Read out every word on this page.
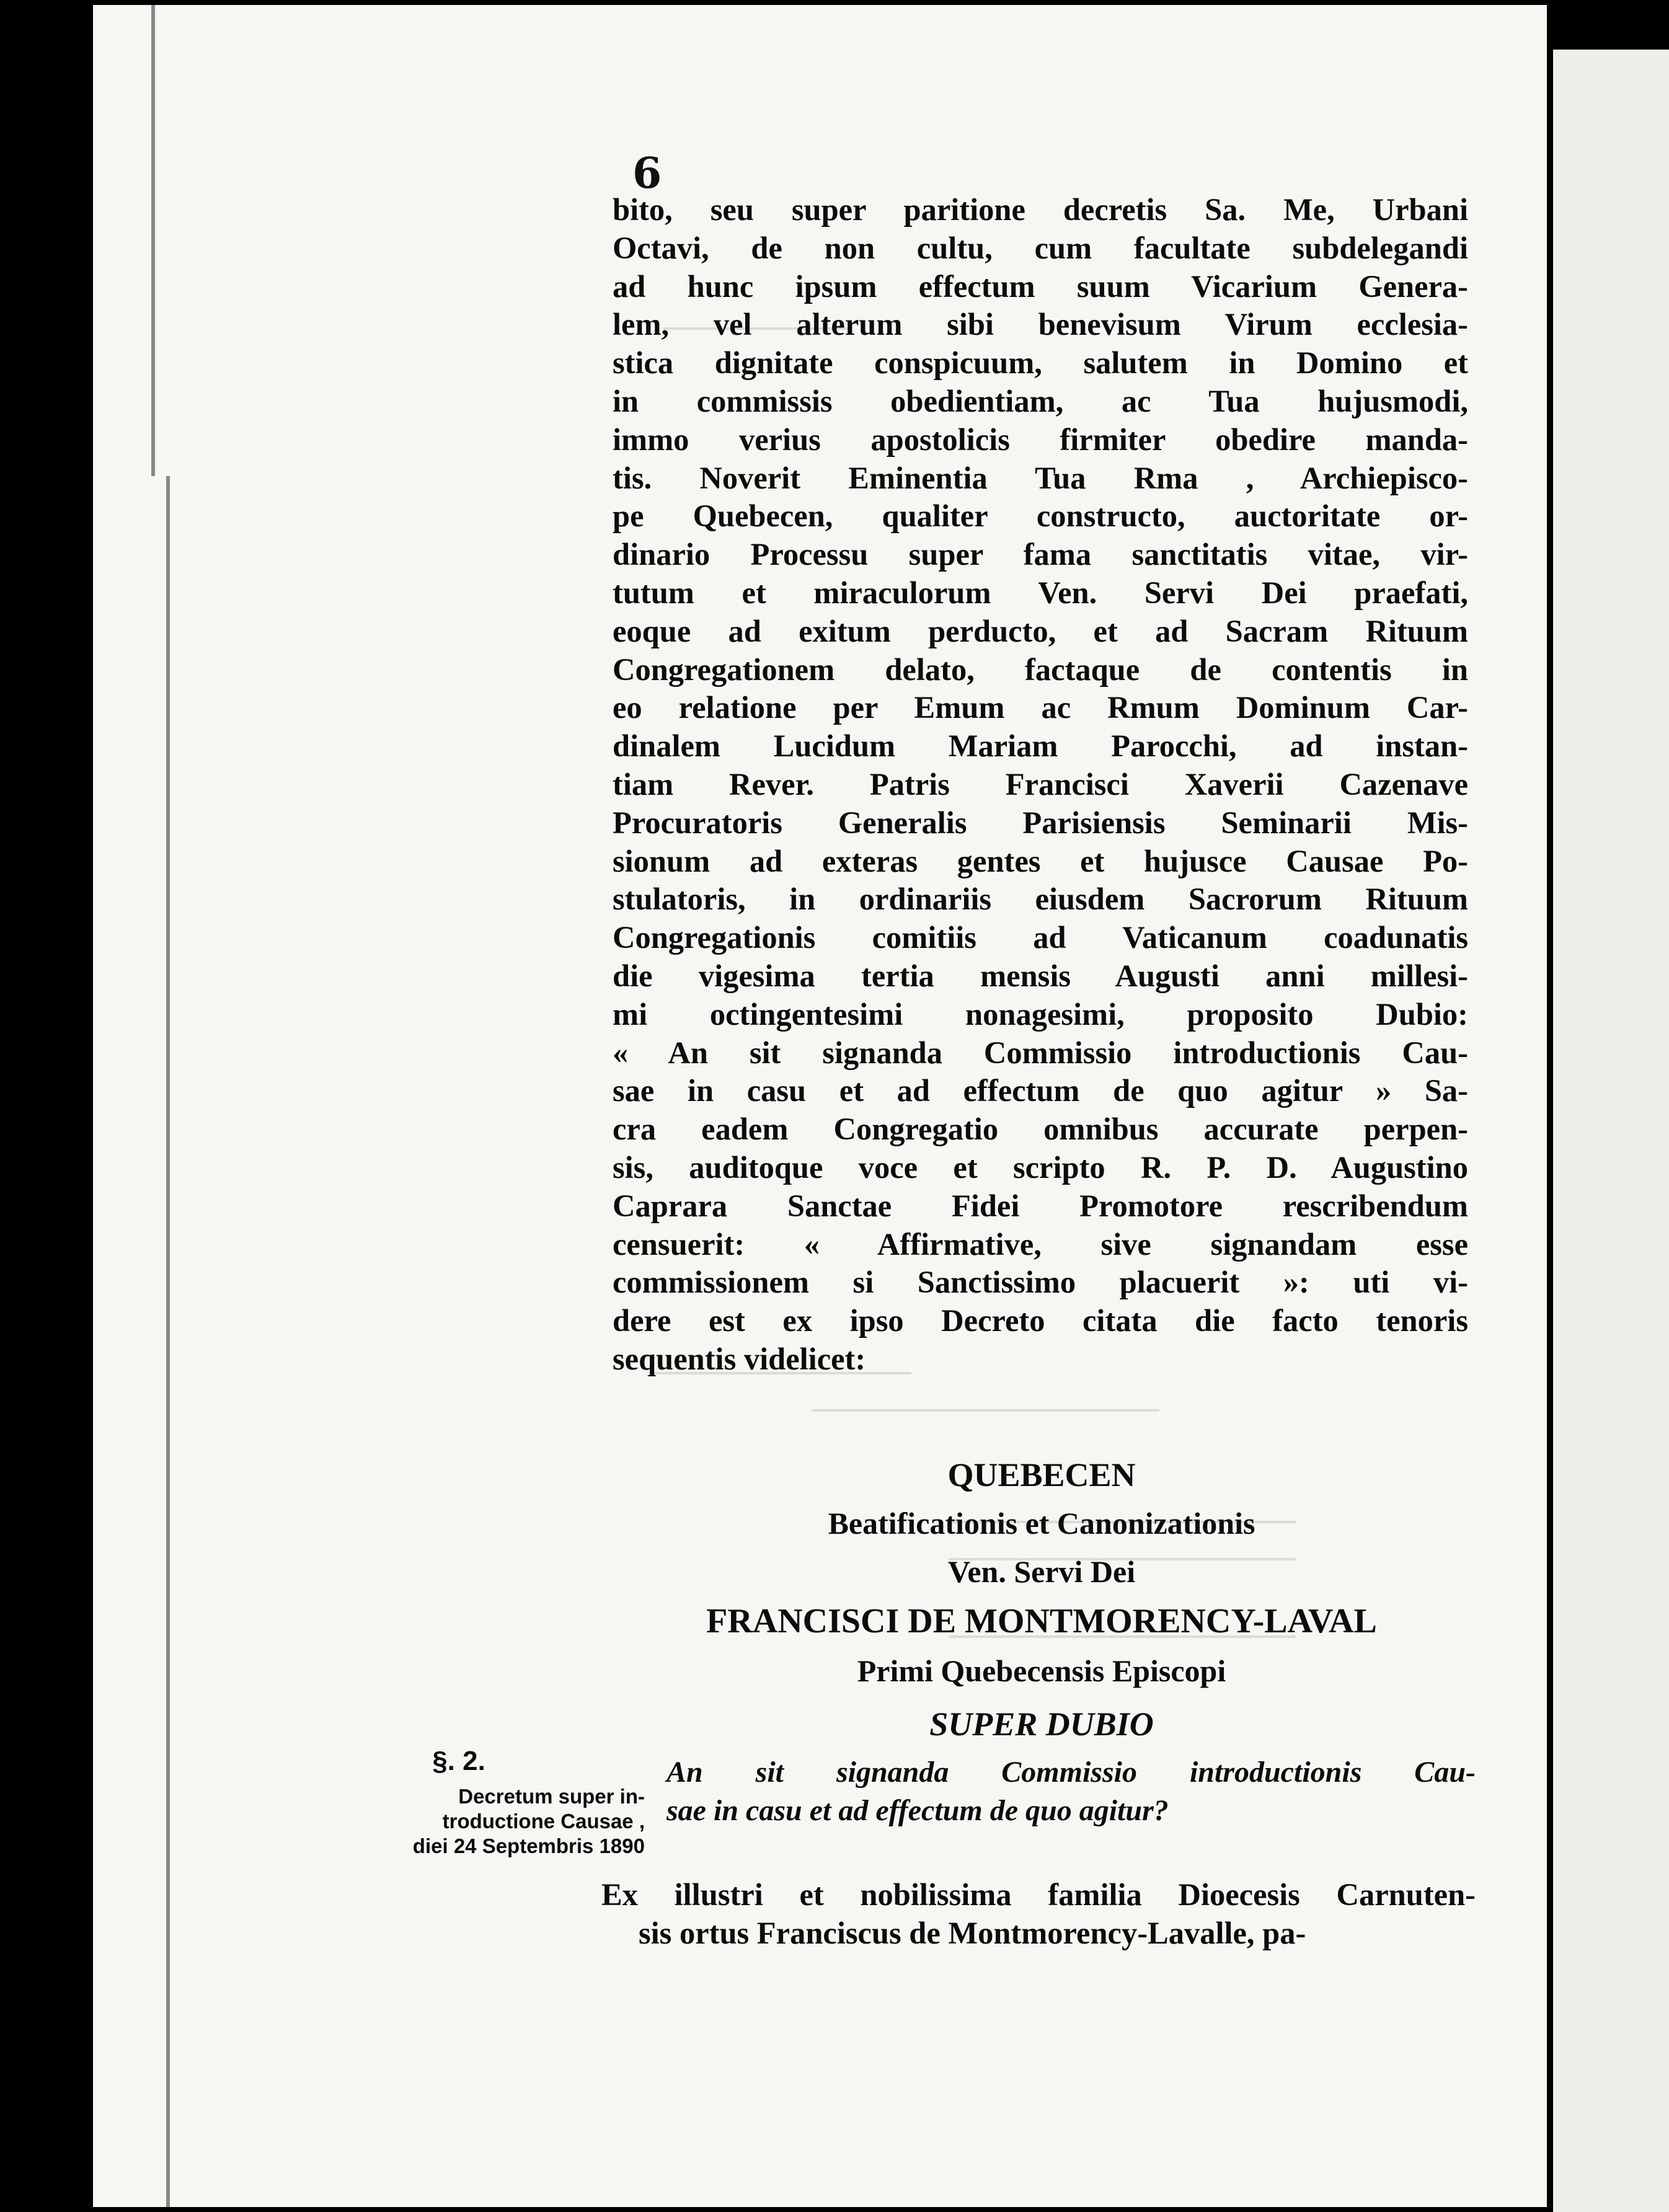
6
bito, seu super paritione decretis Sa. Me, Urbani
Octavi, de non cultu, cum facultate subdelegandi
ad hunc ipsum effectum suum Vicarium Genera-
lem, vel alterum sibi benevisum Virum ecclesia-
stica dignitate conspicuum, salutem in Domino et
in commissis obedientiam, ac Tua hujusmodi,
immo verius apostolicis firmiter obedire manda-
tis. Noverit Eminentia Tua Rma , Archiepisco-
pe Quebecen, qualiter constructo, auctoritate or-
dinario Processu super fama sanctitatis vitae, vir-
tutum et miraculorum Ven. Servi Dei praefati,
eoque ad exitum perducto, et ad Sacram Rituum
Congregationem delato, factaque de contentis in
eo relatione per Emum ac Rmum Dominum Car-
dinalem Lucidum Mariam Parocchi, ad instan-
tiam Rever. Patris Francisci Xaverii Cazenave
Procuratoris Generalis Parisiensis Seminarii Mis-
sionum ad exteras gentes et hujusce Causae Po-
stulatoris, in ordinariis eiusdem Sacrorum Rituum
Congregationis comitiis ad Vaticanum coadunatis
die vigesima tertia mensis Augusti anni millesi-
mi octingentesimi nonagesimi, proposito Dubio:
« An sit signanda Commissio introductionis Cau-
sae in casu et ad effectum de quo agitur » Sa-
cra eadem Congregatio omnibus accurate perpen-
sis, auditoque voce et scripto R. P. D. Augustino
Caprara Sanctae Fidei Promotore rescribendum
censuerit: « Affirmative, sive signandam esse
commissionem si Sanctissimo placuerit »: uti vi-
dere est ex ipso Decreto citata die facto tenoris
sequentis videlicet:
QUEBECEN
Beatificationis et Canonizationis
Ven. Servi Dei
FRANCISCI DE MONTMORENCY-LAVAL
Primi Quebecensis Episcopi
SUPER DUBIO
An sit signanda Commissio introductionis Cau-
sae in casu et ad effectum de quo agitur?
§. 2.
Decretum super in-
troductione Causae ,
diei 24 Septembris 1890
Ex illustri et nobilissima familia Dioecesis Carnuten-
sis ortus Franciscus de Montmorency-Lavalle, pa-
